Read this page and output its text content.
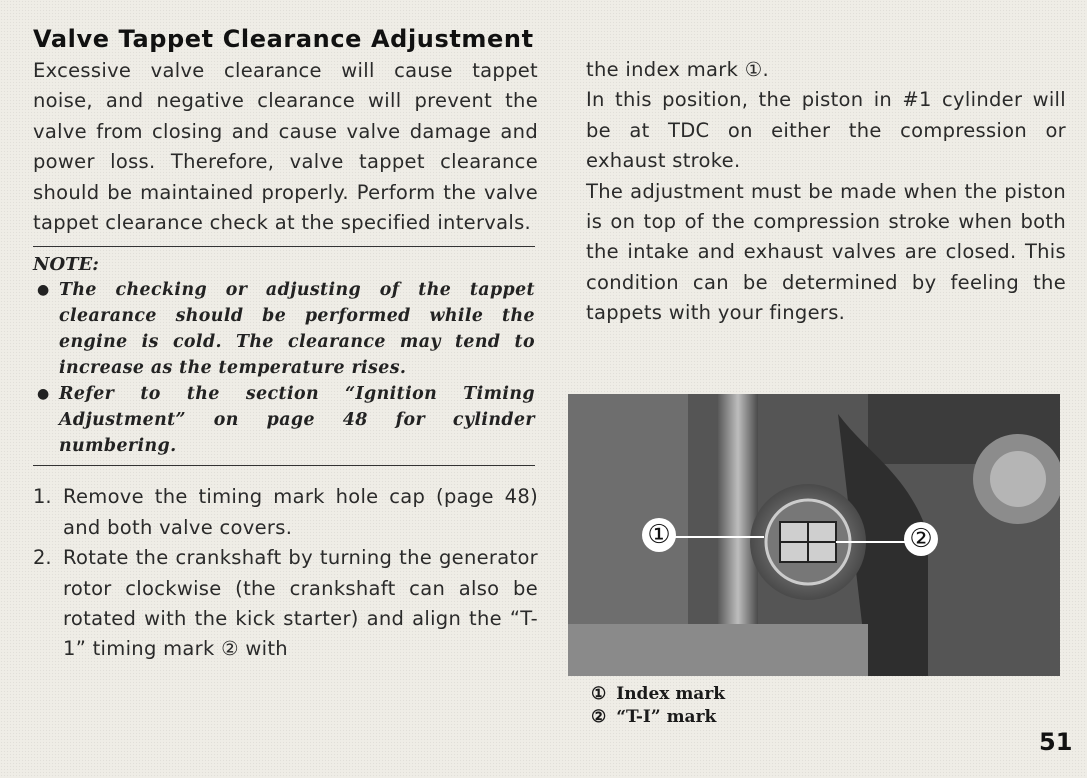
Valve Tappet Clearance Adjustment

Excessive valve clearance will cause tappet noise, and negative clearance will prevent the valve from closing and cause valve damage and power loss. Therefore, valve tappet clearance should be maintained properly. Perform the valve tappet clearance check at the specified intervals.

NOTE:
● The checking or adjusting of the tappet clearance should be performed while the engine is cold. The clearance may tend to increase as the temperature rises.
● Refer to the section “Ignition Timing Adjustment” on page 48 for cylinder numbering.
1. Remove the timing mark hole cap (page 48) and both valve covers.

2. Rotate the crankshaft by turning the generator rotor clockwise (the crankshaft can also be rotated with the kick starter) and align the “T-1” timing mark ② with

the index mark ①.

In this position, the piston in #1 cylinder will be at TDC on either the compression or exhaust stroke.

The adjustment must be made when the piston is on top of the compression stroke when both the intake and exhaust valves are closed. This condition can be determined by feeling the tappets with your fingers.

①	②
① Index mark
② “T-I” mark
51
